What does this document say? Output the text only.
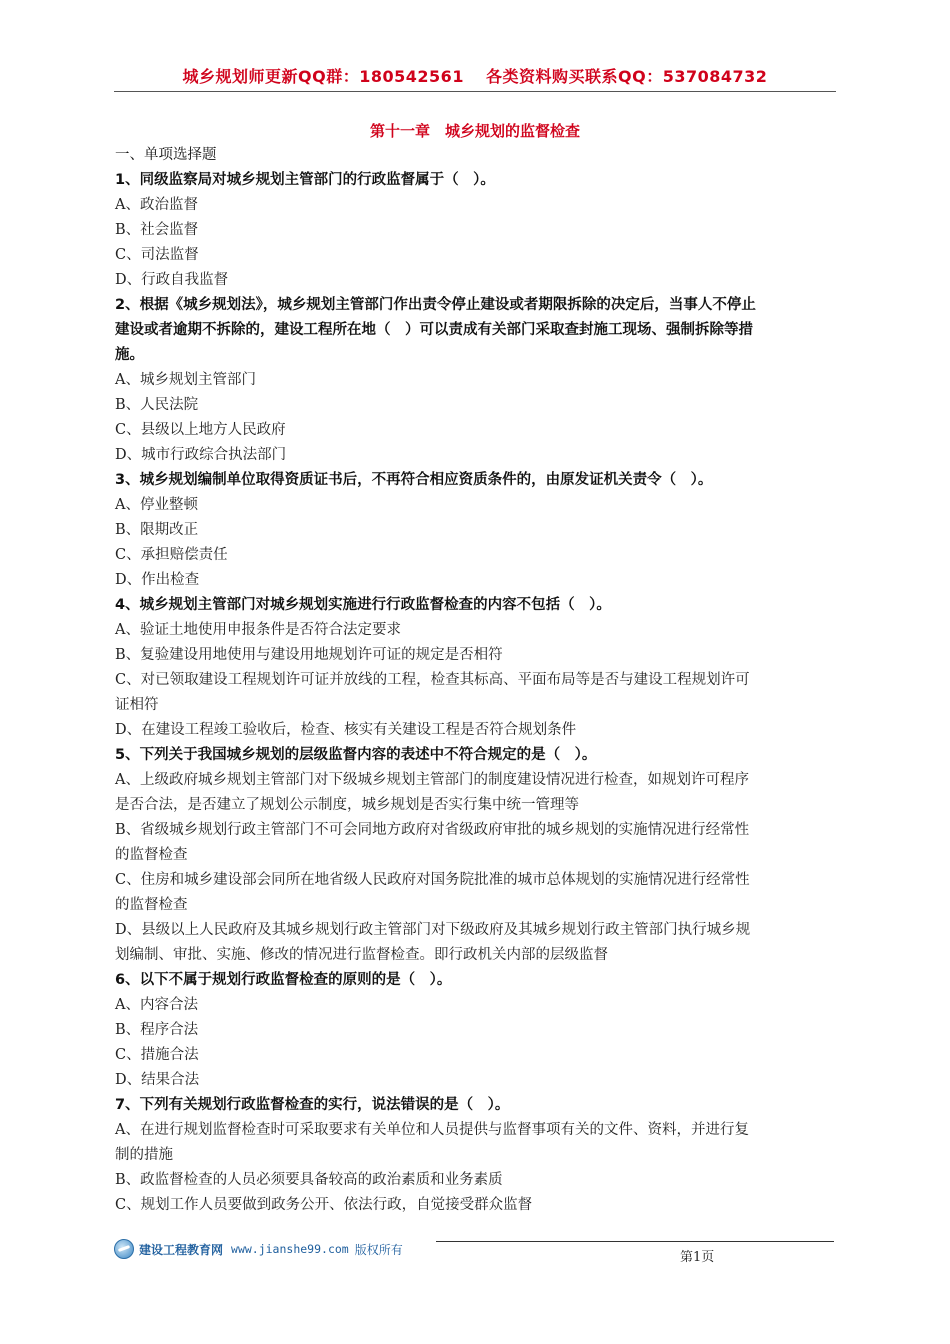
城乡规划师更新QQ群：180542561 各类资料购买联系QQ：537084732
第十一章　城乡规划的监督检查
一、单项选择题
1、同级监察局对城乡规划主管部门的行政监督属于（　）。
A、政治监督
B、社会监督
C、司法监督
D、行政自我监督
2、根据《城乡规划法》，城乡规划主管部门作出责令停止建设或者期限拆除的决定后，当事人不停止
建设或者逾期不拆除的，建设工程所在地（　）可以责成有关部门采取查封施工现场、强制拆除等措
施。
A、城乡规划主管部门
B、人民法院
C、县级以上地方人民政府
D、城市行政综合执法部门
3、城乡规划编制单位取得资质证书后，不再符合相应资质条件的，由原发证机关责令（　）。
A、停业整顿
B、限期改正
C、承担赔偿责任
D、作出检查
4、城乡规划主管部门对城乡规划实施进行行政监督检查的内容不包括（　）。
A、验证土地使用申报条件是否符合法定要求
B、复验建设用地使用与建设用地规划许可证的规定是否相符
C、对已领取建设工程规划许可证并放线的工程，检查其标高、平面布局等是否与建设工程规划许可
证相符
D、在建设工程竣工验收后，检查、核实有关建设工程是否符合规划条件
5、下列关于我国城乡规划的层级监督内容的表述中不符合规定的是（　）。
A、上级政府城乡规划主管部门对下级城乡规划主管部门的制度建设情况进行检查，如规划许可程序
是否合法，是否建立了规划公示制度，城乡规划是否实行集中统一管理等
B、省级城乡规划行政主管部门不可会同地方政府对省级政府审批的城乡规划的实施情况进行经常性
的监督检查
C、住房和城乡建设部会同所在地省级人民政府对国务院批准的城市总体规划的实施情况进行经常性
的监督检查
D、县级以上人民政府及其城乡规划行政主管部门对下级政府及其城乡规划行政主管部门执行城乡规
划编制、审批、实施、修改的情况进行监督检查。即行政机关内部的层级监督
6、以下不属于规划行政监督检查的原则的是（　）。
A、内容合法
B、程序合法
C、措施合法
D、结果合法
7、下列有关规划行政监督检查的实行，说法错误的是（　）。
A、在进行规划监督检查时可采取要求有关单位和人员提供与监督事项有关的文件、资料，并进行复
制的措施
B、政监督检查的人员必须要具备较高的政治素质和业务素质
C、规划工作人员要做到政务公开、依法行政，自觉接受群众监督
建设工程教育网 www.jianshe99.com 版权所有
第1页
